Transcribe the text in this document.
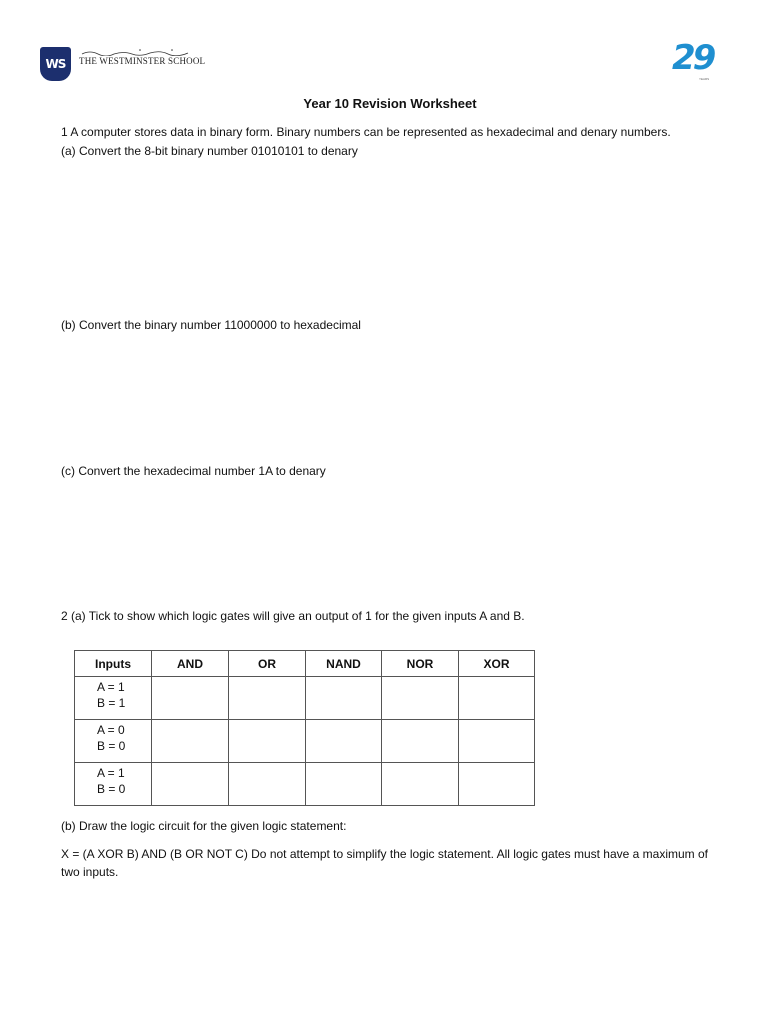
WS	THE WESTMINSTER SCHOOL	29
YEARS
Year 10 Revision Worksheet
1 A computer stores data in binary form. Binary numbers can be represented as hexadecimal and denary numbers.
(a) Convert the 8-bit binary number 01010101 to denary
(b) Convert the binary number 11000000 to hexadecimal
(c) Convert the hexadecimal number 1A to denary
2 (a) Tick to show which logic gates will give an output of 1 for the given inputs A and B.
Inputs	AND	OR	NAND	NOR	XOR

A = 1
B = 1					

A = 0
B = 0					

A = 1
B = 0					

(b) Draw the logic circuit for the given logic statement:
X = (A XOR B) AND (B OR NOT C) Do not attempt to simplify the logic statement. All logic gates must have a maximum of two inputs.
